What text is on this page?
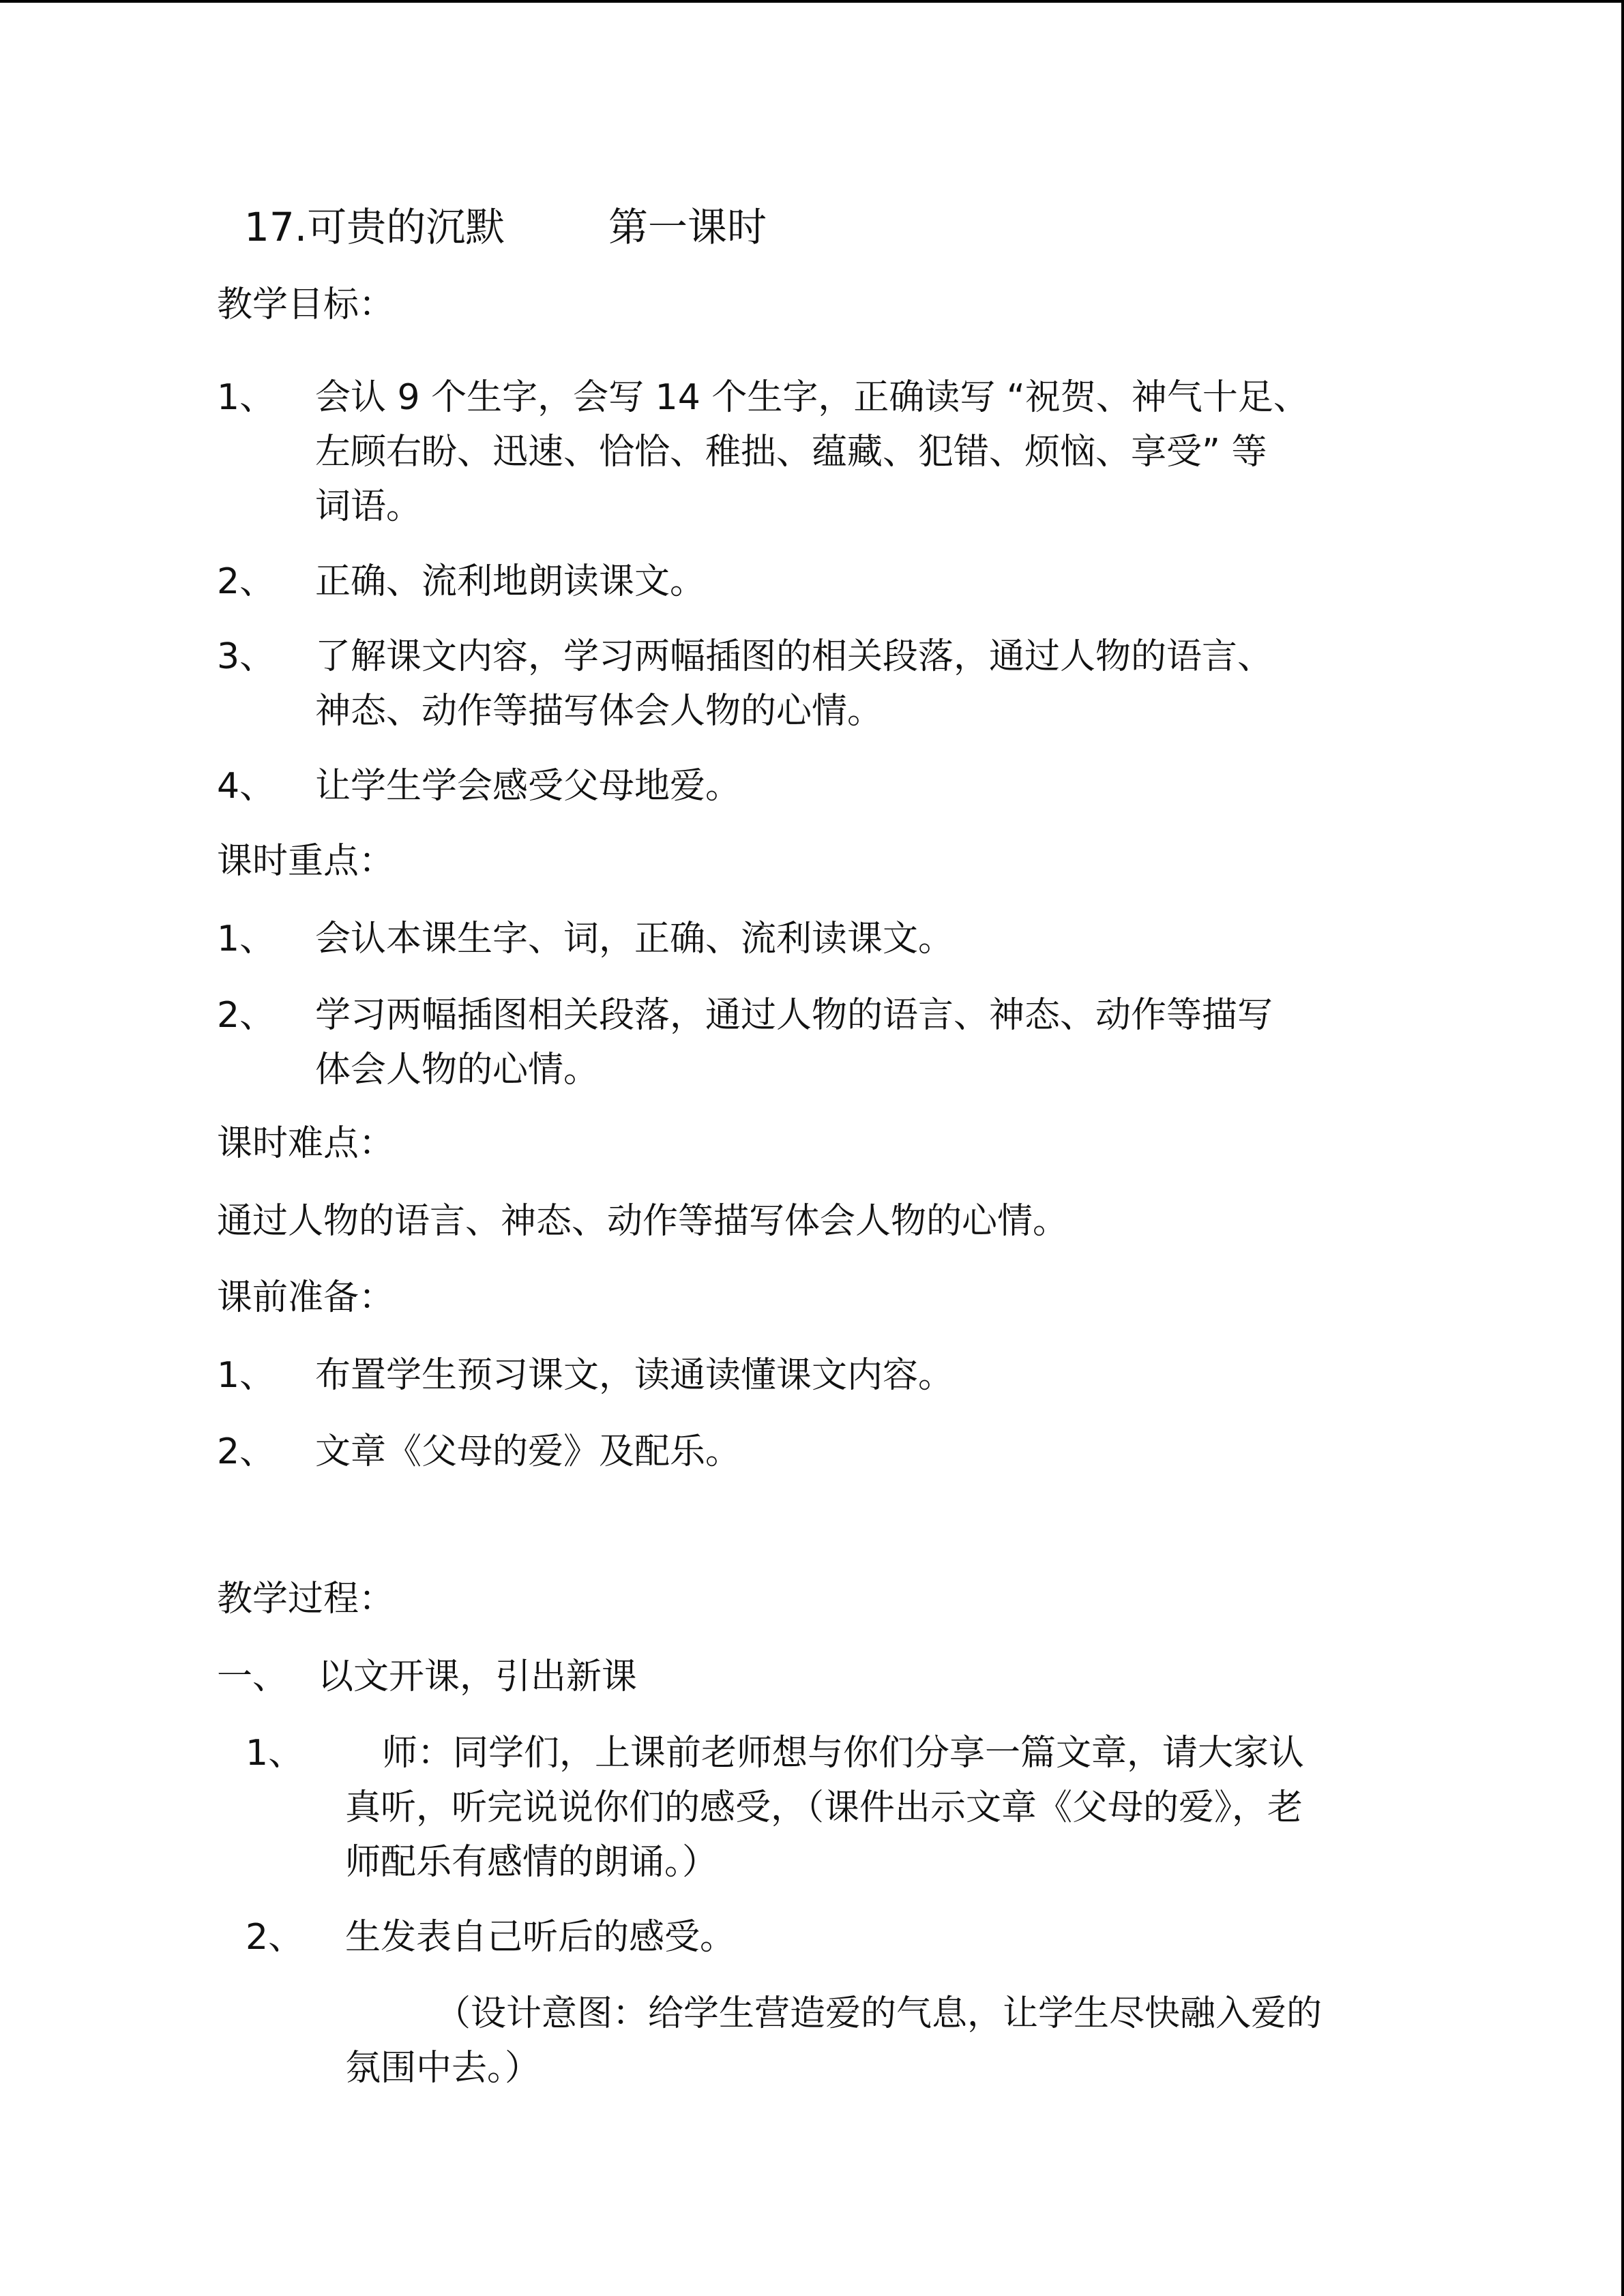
17.可贵的沉默	第一课时

教学目标：

1、 会认 9 个生字，会写 14 个生字，正确读写 “祝贺、神气十足、

左顾右盼、迅速、恰恰、稚拙、蕴藏、犯错、烦恼、享受” 等

词语。

2、 正确、流利地朗读课文。

3、 了解课文内容，学习两幅插图的相关段落，通过人物的语言、

神态、动作等描写体会人物的心情。

4、 让学生学会感受父母地爱。

课时重点：

1、 会认本课生字、词，正确、流利读课文。

2、 学习两幅插图相关段落，通过人物的语言、神态、动作等描写

体会人物的心情。

课时难点：

通过人物的语言、神态、动作等描写体会人物的心情。

课前准备：

1、 布置学生预习课文，读通读懂课文内容。

2、 文章《父母的爱》及配乐。

教学过程：

一、 以文开课，引出新课

1、 师：同学们，上课前老师想与你们分享一篇文章，请大家认

真听，听完说说你们的感受，（课件出示文章《父母的爱》，老

师配乐有感情的朗诵。）

2、 生发表自己听后的感受。

（设计意图：给学生营造爱的气息，让学生尽快融入爱的

氛围中去。）
